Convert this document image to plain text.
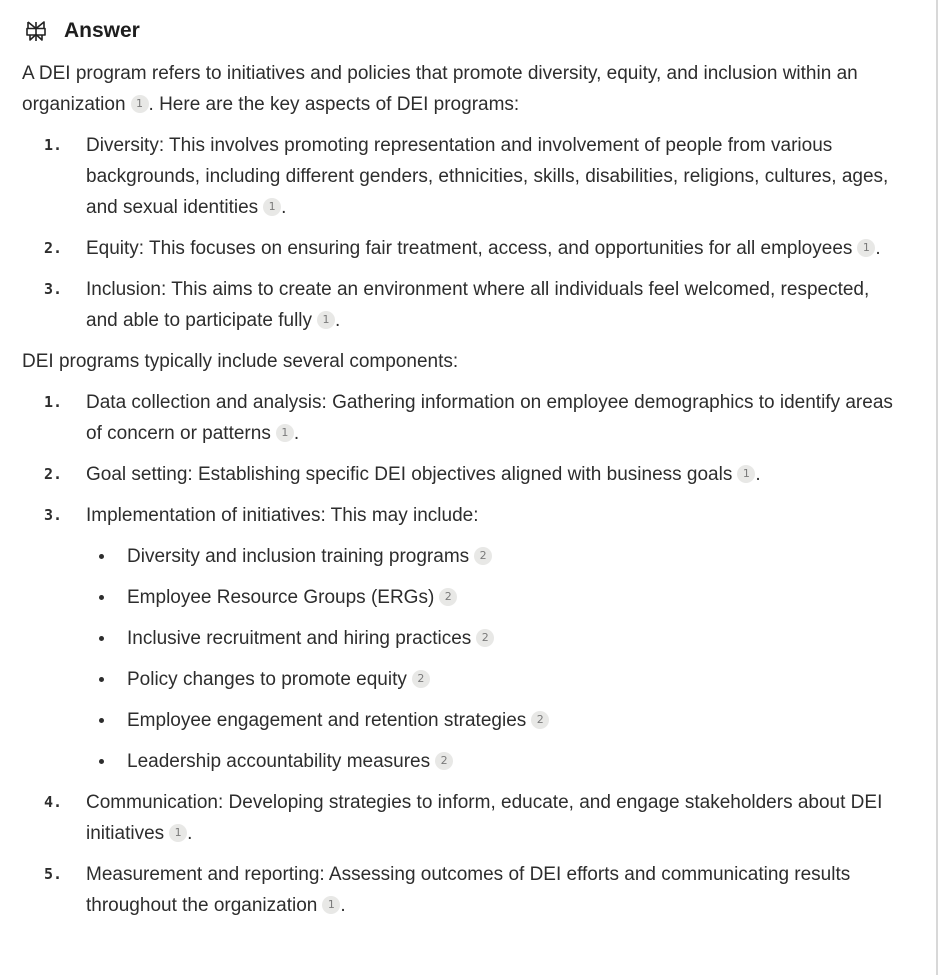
Answer

A DEI program refers to initiatives and policies that promote diversity, equity, and inclusion within an organization 1 . Here are the key aspects of DEI programs:

1.	Diversity: This involves promoting representation and involvement of people from various backgrounds, including different genders, ethnicities, skills, disabilities, religions, cultures, ages, and sexual identities 1 .
2.	Equity: This focuses on ensuring fair treatment, access, and opportunities for all employees 1 .
3.	Inclusion: This aims to create an environment where all individuals feel welcomed, respected, and able to participate fully 1 .

DEI programs typically include several components:

1.	Data collection and analysis: Gathering information on employee demographics to identify areas of concern or patterns 1 .
2.	Goal setting: Establishing specific DEI objectives aligned with business goals 1 .
3.	Implementation of initiatives: This may include:
Diversity and inclusion training programs 2
Employee Resource Groups (ERGs) 2
Inclusive recruitment and hiring practices 2
Policy changes to promote equity 2
Employee engagement and retention strategies 2
Leadership accountability measures 2
4.	Communication: Developing strategies to inform, educate, and engage stakeholders about DEI initiatives 1 .
5.	Measurement and reporting: Assessing outcomes of DEI efforts and communicating results throughout the organization 1 .
